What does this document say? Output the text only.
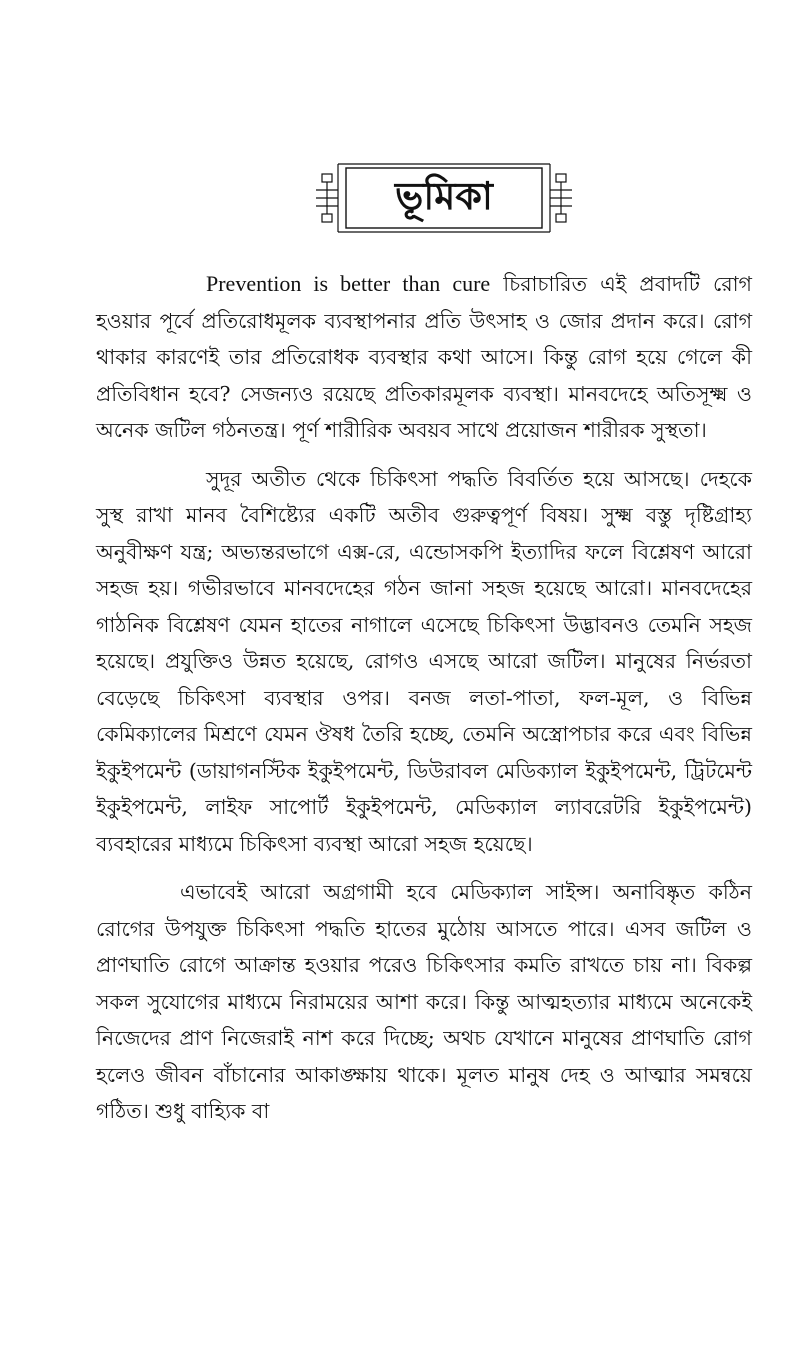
ভূমিকা

Prevention is better than cure চিরাচারিত এই প্রবাদটি রোগ হওয়ার পূর্বে প্রতিরোধমূলক ব্যবস্থাপনার প্রতি উৎসাহ ও জোর প্রদান করে। রোগ থাকার কারণেই তার প্রতিরোধক ব্যবস্থার কথা আসে। কিন্তু রোগ হয়ে গেলে কী প্রতিবিধান হবে? সেজন্যও রয়েছে প্রতিকারমূলক ব্যবস্থা। মানবদেহে অতিসূক্ষ্ম ও অনেক জটিল গঠনতন্ত্র। পূর্ণ শারীরিক অবয়ব সাথে প্রয়োজন শারীরক সুস্থতা।

সুদূর অতীত থেকে চিকিৎসা পদ্ধতি বিবর্তিত হয়ে আসছে। দেহকে সুস্থ রাখা মানব বৈশিষ্ট্যের একটি অতীব গুরুত্বপূর্ণ বিষয়। সুক্ষ্ম বস্তু দৃষ্টিগ্রাহ্য অনুবীক্ষণ যন্ত্র; অভ্যন্তরভাগে এক্স-রে, এন্ডোসকপি ইত্যাদির ফলে বিশ্লেষণ আরো সহজ হয়। গভীরভাবে মানবদেহের গঠন জানা সহজ হয়েছে আরো। মানবদেহের গাঠনিক বিশ্লেষণ যেমন হাতের নাগালে এসেছে চিকিৎসা উদ্ভাবনও তেমনি সহজ হয়েছে। প্রযুক্তিও উন্নত হয়েছে, রোগও এসছে আরো জটিল। মানুষের নির্ভরতা বেড়েছে চিকিৎসা ব্যবস্থার ওপর। বনজ লতা-পাতা, ফল-মূল, ও বিভিন্ন কেমিক্যালের মিশ্রণে যেমন ঔষধ তৈরি হচ্ছে, তেমনি অস্ত্রোপচার করে এবং বিভিন্ন ইকুইপমেন্ট (ডায়াগনস্টিক ইকুইপমেন্ট, ডিউরাবল মেডিক্যাল ইকুইপমেন্ট, ট্রিটমেন্ট ইকুইপমেন্ট, লাইফ সাপোর্ট ইকুইপমেন্ট, মেডিক্যাল ল্যাবরেটরি ইকুইপমেন্ট) ব্যবহারের মাধ্যমে চিকিৎসা ব্যবস্থা আরো সহজ হয়েছে।

এভাবেই আরো অগ্রগামী হবে মেডিক্যাল সাইন্স। অনাবিষ্কৃত কঠিন রোগের উপযুক্ত চিকিৎসা পদ্ধতি হাতের মুঠোয় আসতে পারে। এসব জটিল ও প্রাণঘাতি রোগে আক্রান্ত হওয়ার পরেও চিকিৎসার কমতি রাখতে চায় না। বিকল্প সকল সুযোগের মাধ্যমে নিরাময়ের আশা করে। কিন্তু আত্মহত্যার মাধ্যমে অনেকেই নিজেদের প্রাণ নিজেরাই নাশ করে দিচ্ছে; অথচ যেখানে মানুষের প্রাণঘাতি রোগ হলেও জীবন বাঁচানোর আকাঙ্ক্ষায় থাকে। মূলত মানুষ দেহ ও আত্মার সমন্বয়ে গঠিত। শুধু বাহ্যিক বা
